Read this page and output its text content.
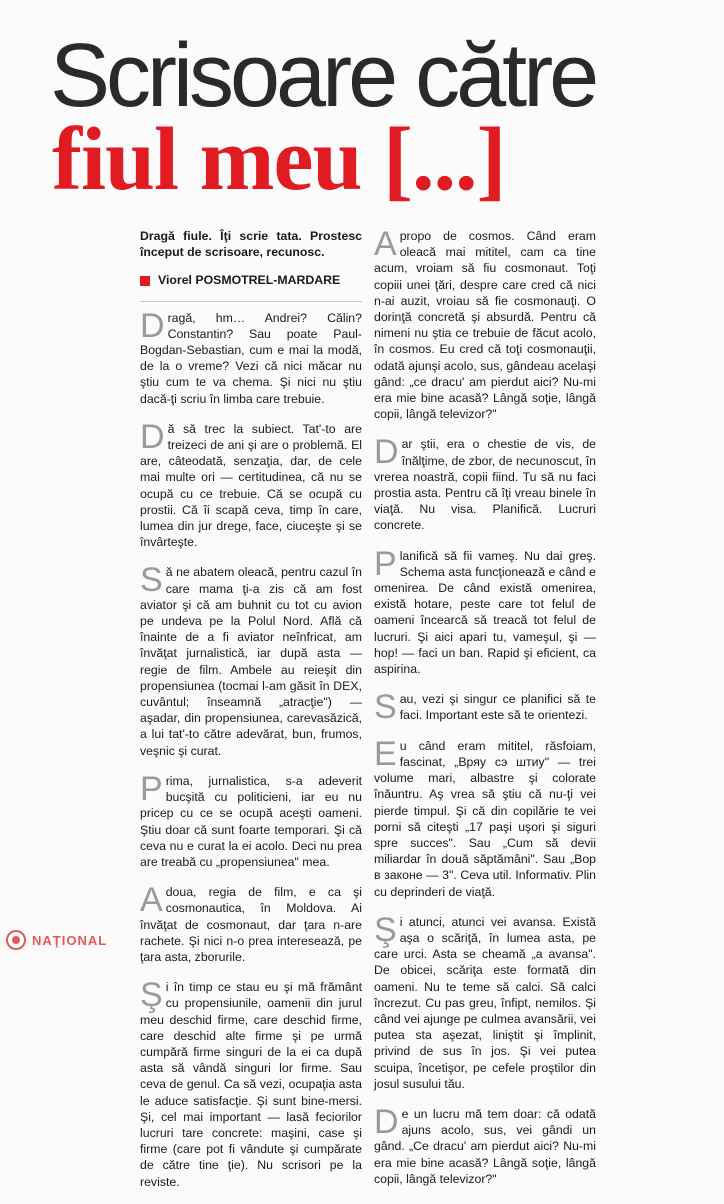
Scrisoare către
fiul meu [...]
Dragă fiule. Îţi scrie tata. Prostesc început de scrisoare, recunosc.
Viorel POSMOTREL-MARDARE

Dragă, hm… Andrei? Călin? Constantin? Sau poate Paul-Bogdan-Sebastian, cum e mai la modă, de la o vreme? Vezi că nici măcar nu ştiu cum te va chema. Şi nici nu ştiu dacă-ţi scriu în limba care trebuie.

Dă să trec la subiect. Tat'-to are treizeci de ani şi are o problemă. El are, câteodată, senzaţia, dar, de cele mai multe ori — certitudinea, că nu se ocupă cu ce trebuie. Că se ocupă cu prostii. Că îi scapă ceva, timp în care, lumea din jur drege, face, ciuceşte şi se învârteşte.

Să ne abatem oleacă, pentru cazul în care mama ţi-a zis că am fost aviator şi că am buhnit cu tot cu avion pe undeva pe la Polul Nord. Află că înainte de a fi aviator neînfricat, am învăţat jurnalistică, iar după asta — regie de film. Ambele au reieşit din propensiunea (tocmai l-am găsit în DEX, cuvântul; înseamnă „atracţie") — aşadar, din propensiunea, carevasăzică, a lui tat'-to către adevărat, bun, frumos, veşnic şi curat.

Prima, jurnalistica, s-a adeverit bucşită cu politicieni, iar eu nu pricep cu ce se ocupă aceşti oameni. Ştiu doar că sunt foarte temporari. Şi că ceva nu e curat la ei acolo. Deci nu prea are treabă cu „propensiunea" mea.

Adoua, regia de film, e ca şi cosmonautica, în Moldova. Ai învăţat de cosmonaut, dar ţara n-are rachete. Şi nici n-o prea interesează, pe ţara asta, zborurile.

Şi în timp ce stau eu şi mă frământ cu propensiunile, oamenii din jurul meu deschid firme, care deschid firme, care deschid alte firme şi pe urmă cumpără firme singuri de la ei ca după asta să vândă singuri lor firme. Sau ceva de genul. Ca să vezi, ocupaţia asta le aduce satisfacţie. Şi sunt bine-mersi. Şi, cel mai important — lasă feciorilor lucruri tare concrete: maşini, case şi firme (care pot fi vândute şi cumpărate de către tine ţie). Nu scrisori pe la reviste.

Apropo de cosmos. Când eram oleacă mai mititel, cam ca tine acum, vroiam să fiu cosmonaut. Toţi copiii unei ţări, despre care cred că nici n-ai auzit, vroiau să fie cosmonauţi. O dorinţă concretă şi absurdă. Pentru că nimeni nu ştia ce trebuie de făcut acolo, în cosmos. Eu cred că toţi cosmonauţii, odată ajunşi acolo, sus, gândeau acelaşi gând: „ce dracu' am pierdut aici? Nu-mi era mie bine acasă? Lângă soţie, lângă copii, lângă televizor?"

Dar ştii, era o chestie de vis, de înălţime, de zbor, de necunoscut, în vrerea noastră, copii fiind. Tu să nu faci prostia asta. Pentru că îţi vreau binele în viaţă. Nu visa. Planifică. Lucruri concrete.

Planifică să fii vameş. Nu dai greş. Schema asta funcţionează e când e omenirea. De când există omenirea, există hotare, peste care tot felul de oameni încearcă să treacă tot felul de lucruri. Şi aici apari tu, vameşul, şi — hop! — faci un ban. Rapid şi eficient, ca aspirina.

Sau, vezi şi singur ce planifici să te faci. Important este să te orientezi.

Eu când eram mititel, răsfoiam, fascinat, „Вряу сэ штиу" — trei volume mari, albastre şi colorate înăuntru. Aş vrea să ştiu că nu-ţi vei pierde timpul. Şi că din copilărie te vei porni să citeşti „17 paşi uşori şi siguri spre succes". Sau „Cum să devii miliardar în două săptămâni". Sau „Вор в законе — 3". Ceva util. Informativ. Plin cu deprinderi de viaţă.

Şi atunci, atunci vei avansa. Există aşa o scăriţă, în lumea asta, pe care urci. Asta se cheamă „a avansa". De obicei, scăriţa este formată din oameni. Nu te teme să calci. Să calci încrezut. Cu pas greu, înfipt, nemilos. Şi când vei ajunge pe culmea avansării, vei putea sta aşezat, liniştit şi împlinit, privind de sus în jos. Şi vei putea scuipa, încetişor, pe cefele proştilor din josul susului tău.

De un lucru mă tem doar: că odată ajuns acolo, sus, vei gândi un gând. „Ce dracu' am pierdut aici? Nu-mi era mie bine acasă? Lângă soţie, lângă copii, lângă televizor?"

NAŢIONAL
